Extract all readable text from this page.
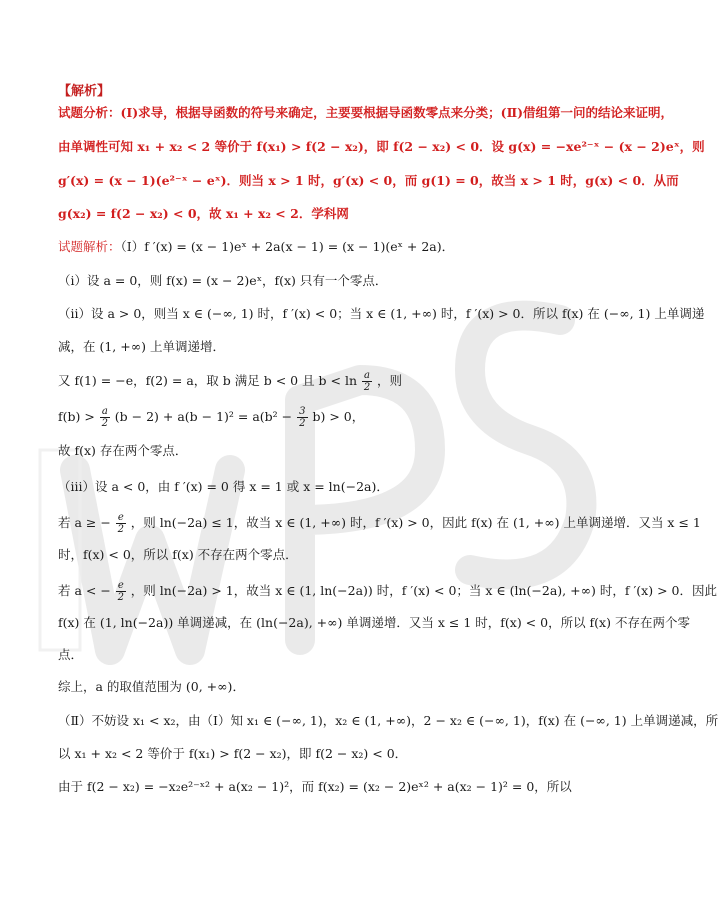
【解析】
试题分析：(Ⅰ)求导，根据导函数的符号来确定，主要要根据导函数零点来分类；(Ⅱ)借组第一问的结论来证明，
由单调性可知 x₁ + x₂ < 2 等价于 f(x₁) > f(2 − x₂)，即 f(2 − x₂) < 0．设 g(x) = −xe²⁻ˣ − (x − 2)eˣ，则
g′(x) = (x − 1)(e²⁻ˣ − eˣ)．则当 x > 1 时，g′(x) < 0，而 g(1) = 0，故当 x > 1 时，g(x) < 0．从而
g(x₂) = f(2 − x₂) < 0，故 x₁ + x₂ < 2．学科网
试题解析：（Ⅰ）f ′(x) = (x − 1)eˣ + 2a(x − 1) = (x − 1)(eˣ + 2a)．
（i）设 a = 0，则 f(x) = (x − 2)eˣ，f(x) 只有一个零点．
（ii）设 a > 0，则当 x ∈ (−∞, 1) 时，f ′(x) < 0；当 x ∈ (1, +∞) 时，f ′(x) > 0．所以 f(x) 在 (−∞, 1) 上单调递
减，在 (1, +∞) 上单调递增．
又 f(1) = −e，f(2) = a，取 b 满足 b < 0 且 $b < \ln \frac{a}{2}$ ，则
$f(b) > \frac{a}{2} (b - 2) + a(b - 1)^2 = a(b^2 - \frac{3}{2} b) > 0$，
故 f(x) 存在两个零点．
（iii）设 a < 0，由 f ′(x) = 0 得 x = 1 或 x = ln(−2a)．
若 a ≥ − $\frac{e}{2}$ ，则 ln(−2a) ≤ 1，故当 x ∈ (1, +∞) 时，f ′(x) > 0，因此 f(x) 在 (1, +∞) 上单调递增．又当 x ≤ 1
时，f(x) < 0，所以 f(x) 不存在两个零点．
若 a < − $\frac{e}{2}$ ，则 ln(−2a) > 1，故当 x ∈ (1, ln(−2a)) 时，f ′(x) < 0；当 x ∈ (ln(−2a), +∞) 时，f ′(x) > 0．因此
f(x) 在 (1, ln(−2a)) 单调递减，在 (ln(−2a), +∞) 单调递增．又当 x ≤ 1 时，f(x) < 0，所以 f(x) 不存在两个零
点．
综上，a 的取值范围为 (0, +∞)．
（Ⅱ）不妨设 x₁ < x₂，由（Ⅰ）知 x₁ ∈ (−∞, 1)，x₂ ∈ (1, +∞)，2 − x₂ ∈ (−∞, 1)，f(x) 在 (−∞, 1) 上单调递减，所
以 x₁ + x₂ < 2 等价于 f(x₁) > f(2 − x₂)，即 f(2 − x₂) < 0．
由于 f(2 − x₂) = −x₂e²⁻ˣ² + a(x₂ − 1)²，而 f(x₂) = (x₂ − 2)eˣ² + a(x₂ − 1)² = 0，所以
